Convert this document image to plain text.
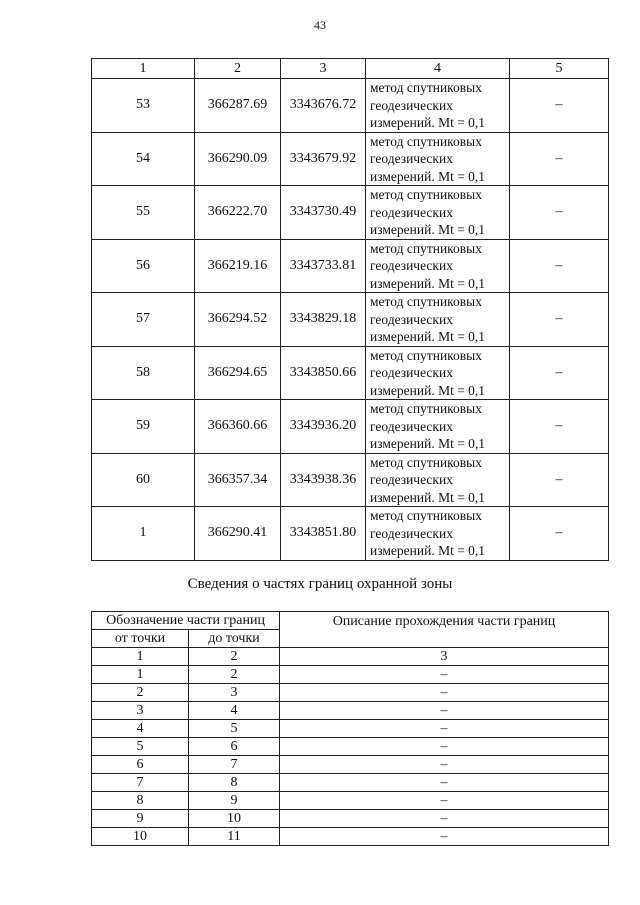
43
1	2	3	4	5
53	366287.69	3343676.72	метод спутниковых
геодезических
измерений. Mt = 0,1	–
54	366290.09	3343679.92	метод спутниковых
геодезических
измерений. Mt = 0,1	–
55	366222.70	3343730.49	метод спутниковых
геодезических
измерений. Mt = 0,1	–
56	366219.16	3343733.81	метод спутниковых
геодезических
измерений. Mt = 0,1	–
57	366294.52	3343829.18	метод спутниковых
геодезических
измерений. Mt = 0,1	–
58	366294.65	3343850.66	метод спутниковых
геодезических
измерений. Mt = 0,1	–
59	366360.66	3343936.20	метод спутниковых
геодезических
измерений. Mt = 0,1	–
60	366357.34	3343938.36	метод спутниковых
геодезических
измерений. Mt = 0,1	–
1	366290.41	3343851.80	метод спутниковых
геодезических
измерений. Mt = 0,1	–
Сведения о частях границ охранной зоны
Обозначение части границ		Описание прохождения части границ
от точки	до точки	
1	2	3
1	2	–
2	3	–
3	4	–
4	5	–
5	6	–
6	7	–
7	8	–
8	9	–
9	10	–
10	11	–
